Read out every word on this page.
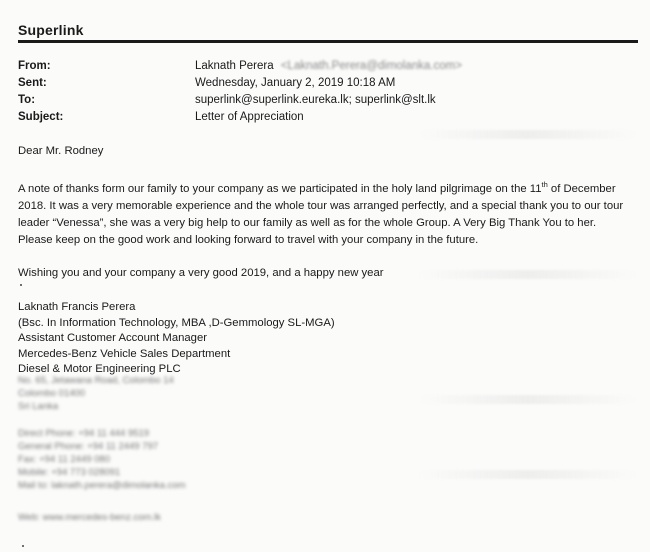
Superlink
From:	Laknath Perera <Laknath.Perera@dimolanka.com>
Sent:	Wednesday, January 2, 2019 10:18 AM
To:	superlink@superlink.eureka.lk; superlink@slt.lk
Subject:	Letter of Appreciation

Dear Mr. Rodney

A note of thanks form our family to your company as we participated in the holy land pilgrimage on the 11th of December 2018. It was a very memorable experience and the whole tour was arranged perfectly, and a special thank you to our tour leader “Venessa”, she was a very big help to our family as well as for the whole Group. A Very Big Thank You to her. Please keep on the good work and looking forward to travel with your company in the future.

Wishing you and your company a very good 2019, and a happy new year

Laknath Francis Perera
(Bsc. In Information Technology, MBA ,D-Gemmology SL-MGA)
Assistant Customer Account Manager
Mercedes-Benz Vehicle Sales Department
Diesel & Motor Engineering PLC
No. 65, Jetawana Road, Colombo 14
Colombo 01400
Sri Lanka
Direct Phone: +94 11 444 9519
General Phone: +94 11 2449 797
Fax: +94 11 2449 080
Mobile: +94 773 028091
Mail to: laknath.perera@dimolanka.com
Web: www.mercedes-benz.com.lk
